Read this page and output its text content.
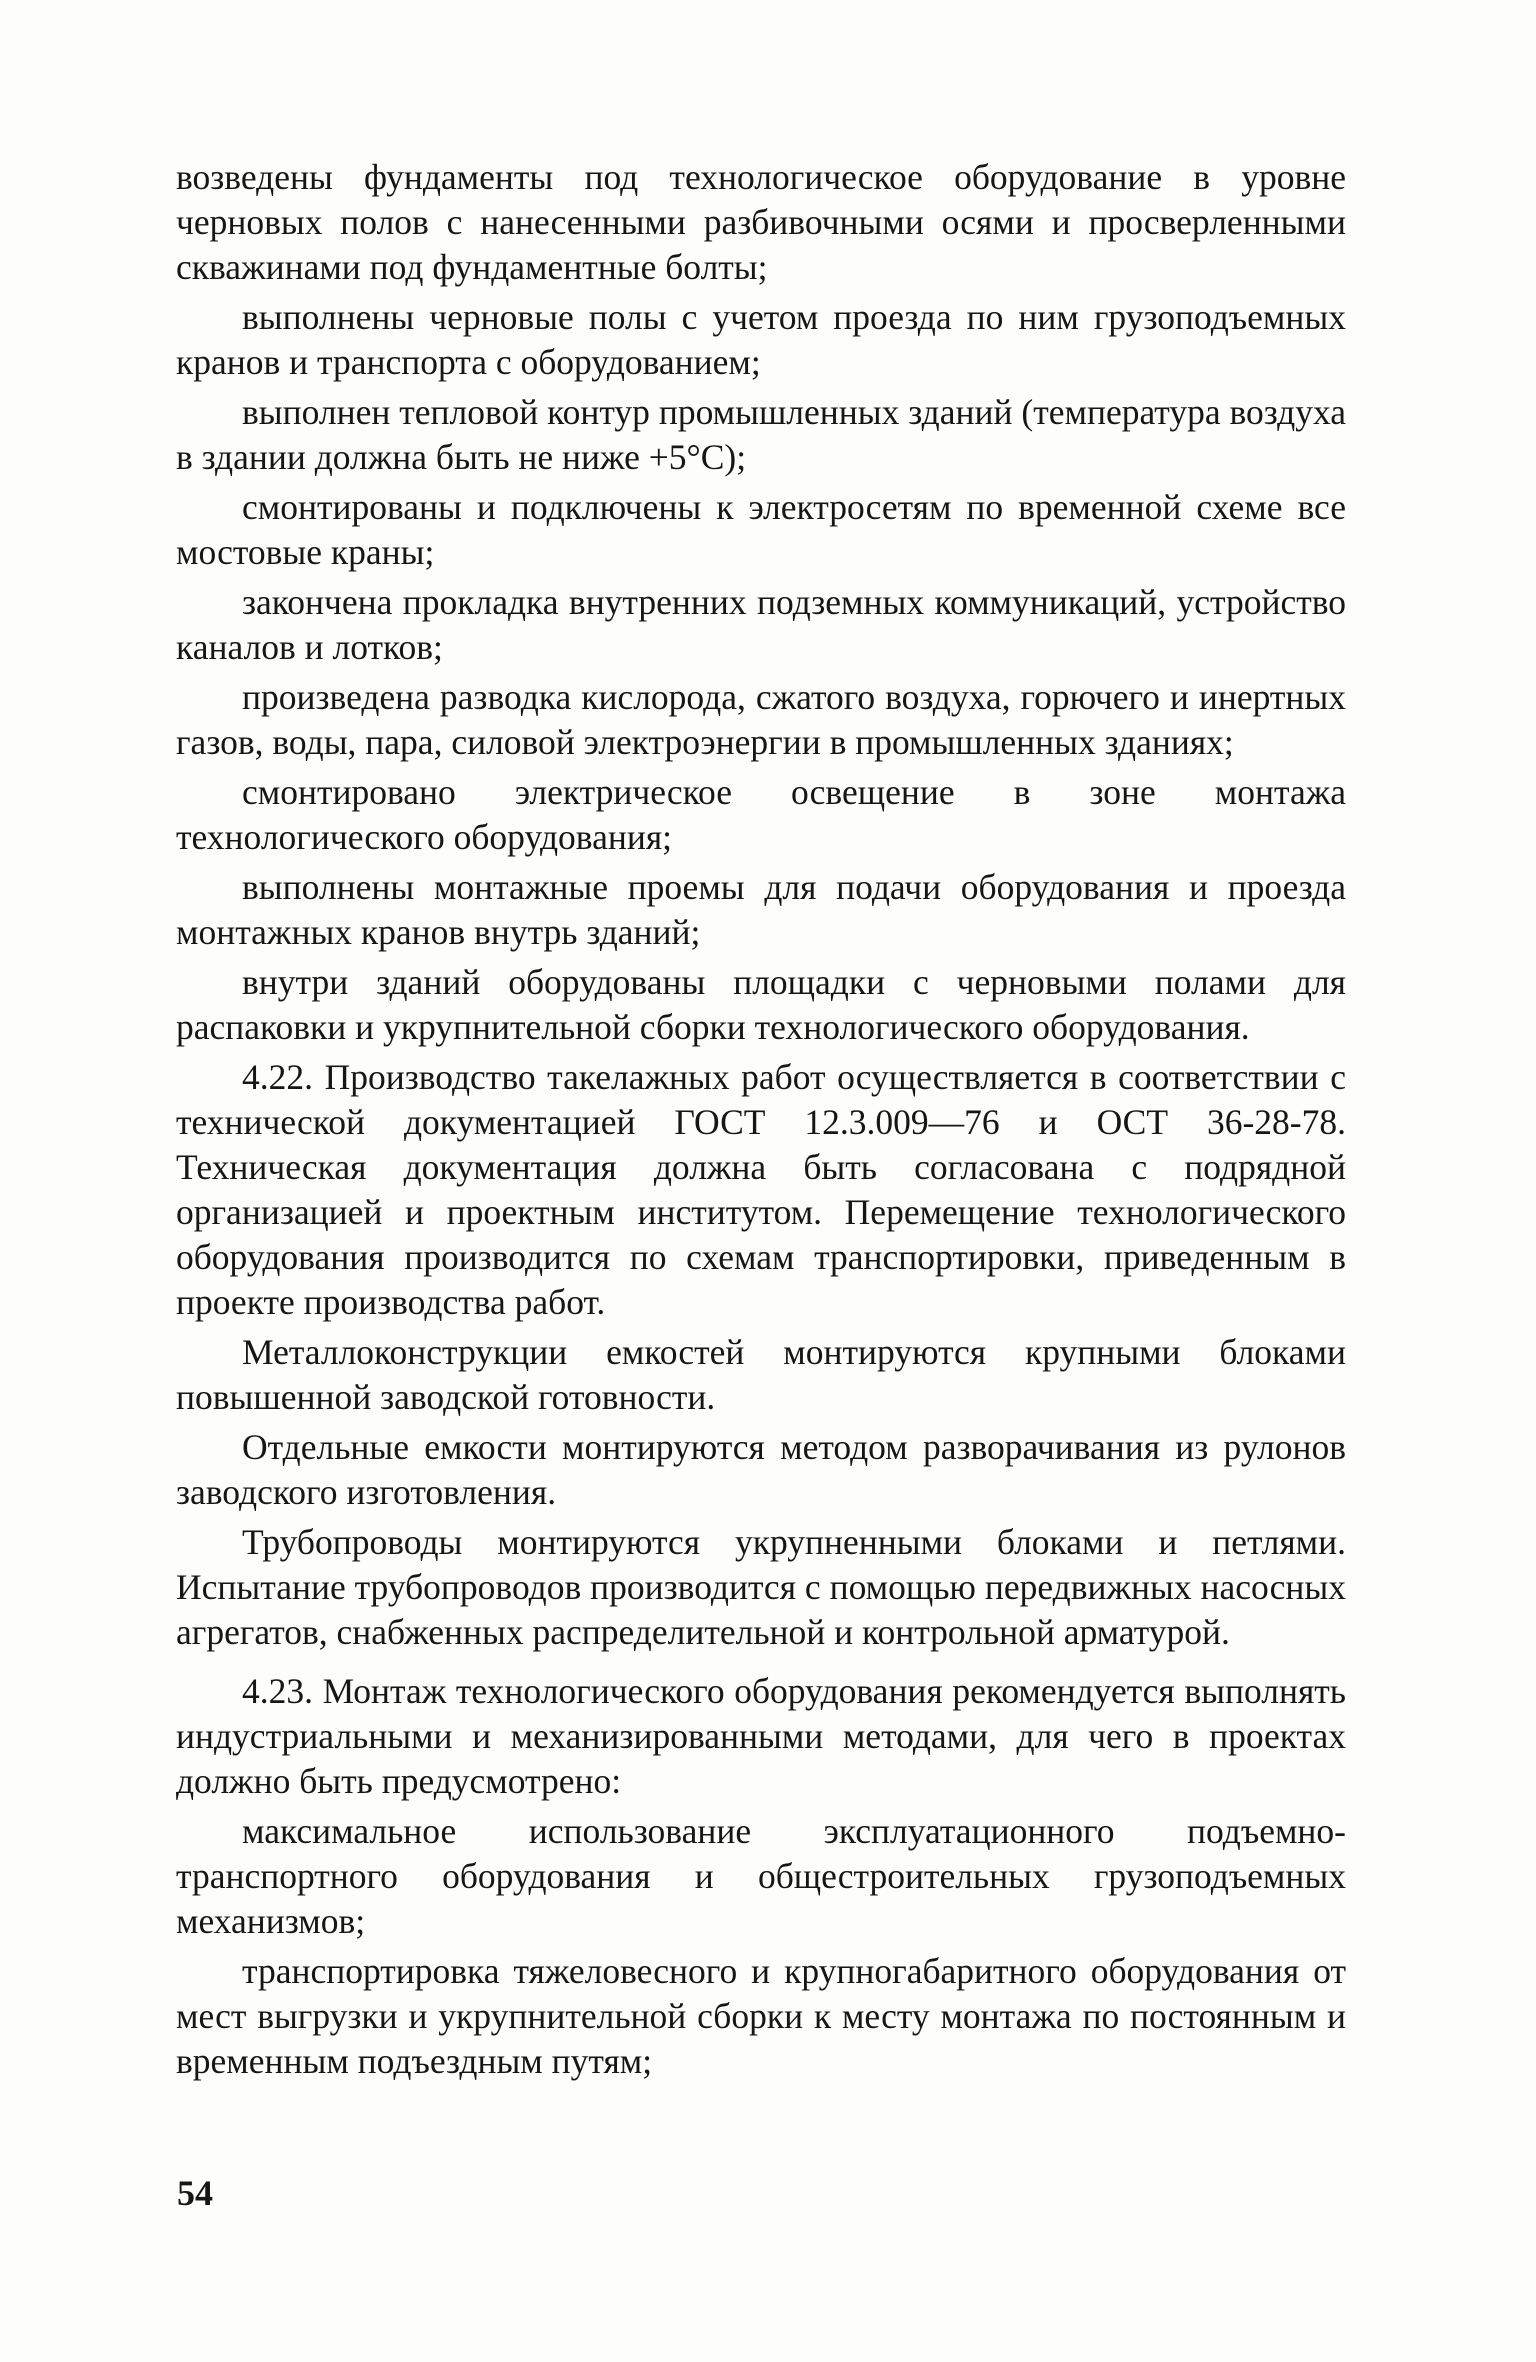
возведены фундаменты под технологическое оборудование в уровне черновых полов с нанесенными разбивочными осями и просверленными скважинами под фундаментные болты;

выполнены черновые полы с учетом проезда по ним грузоподъемных кранов и транспорта с оборудованием;

выполнен тепловой контур промышленных зданий (температура воздуха в здании должна быть не ниже +5°C);

смонтированы и подключены к электросетям по временной схеме все мостовые краны;

закончена прокладка внутренних подземных коммуникаций, устройство каналов и лотков;

произведена разводка кислорода, сжатого воздуха, горючего и инертных газов, воды, пара, силовой электроэнергии в промышленных зданиях;

смонтировано электрическое освещение в зоне монтажа технологического оборудования;

выполнены монтажные проемы для подачи оборудования и проезда монтажных кранов внутрь зданий;

внутри зданий оборудованы площадки с черновыми полами для распаковки и укрупнительной сборки технологического оборудования.

4.22. Производство такелажных работ осуществляется в соответствии с технической документацией ГОСТ 12.3.009—76 и ОСТ 36-28-78. Техническая документация должна быть согласована с подрядной организацией и проектным институтом. Перемещение технологического оборудования производится по схемам транспортировки, приведенным в проекте производства работ.

Металлоконструкции емкостей монтируются крупными блоками повышенной заводской готовности.

Отдельные емкости монтируются методом разворачивания из рулонов заводского изготовления.

Трубопроводы монтируются укрупненными блоками и петлями. Испытание трубопроводов производится с помощью передвижных насосных агрегатов, снабженных распределительной и контрольной арматурой.

4.23. Монтаж технологического оборудования рекомендуется выполнять индустриальными и механизированными методами, для чего в проектах должно быть предусмотрено:

максимальное использование эксплуатационного подъемно-транспортного оборудования и общестроительных грузоподъемных механизмов;

транспортировка тяжеловесного и крупногабаритного оборудования от мест выгрузки и укрупнительной сборки к месту монтажа по постоянным и временным подъездным путям;

54
